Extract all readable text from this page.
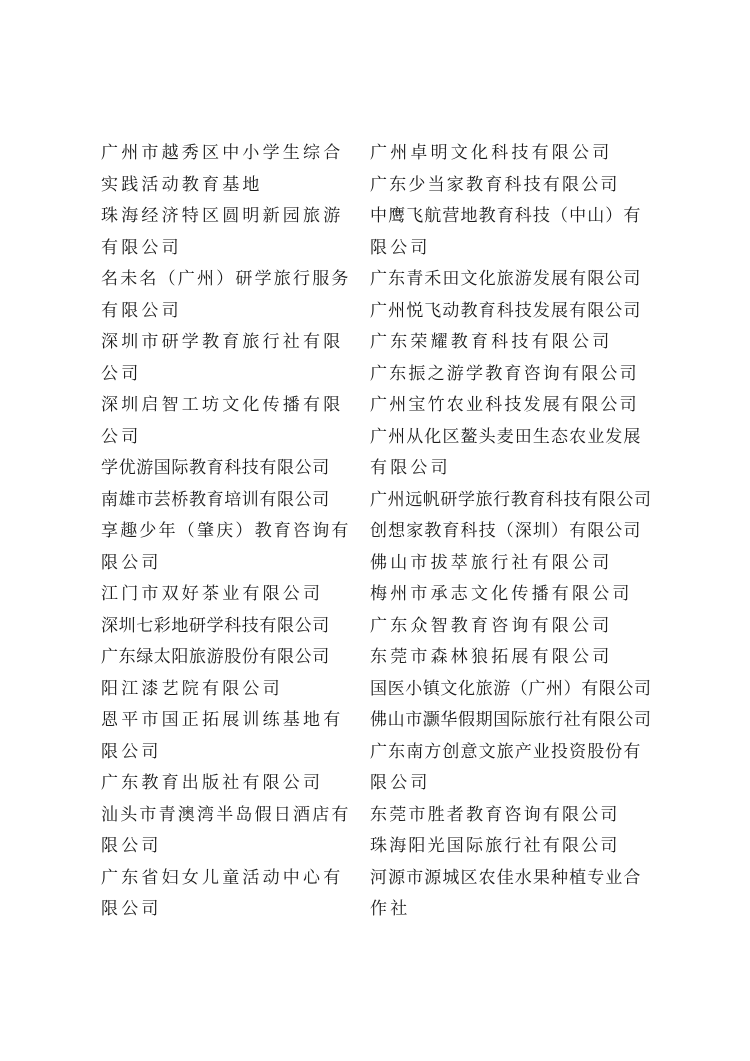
广州市越秀区中小学生综合
实践活动教育基地
珠海经济特区圆明新园旅游
有限公司
名未名（广州）研学旅行服务
有限公司
深圳市研学教育旅行社有限
公司
深圳启智工坊文化传播有限
公司
学优游国际教育科技有限公司
南雄市芸桥教育培训有限公司
享趣少年（肇庆）教育咨询有
限公司
江门市双好茶业有限公司
深圳七彩地研学科技有限公司
广东绿太阳旅游股份有限公司
阳江漆艺院有限公司
恩平市国正拓展训练基地有
限公司
广东教育出版社有限公司
汕头市青澳湾半岛假日酒店有
限公司
广东省妇女儿童活动中心有
限公司
广州卓明文化科技有限公司
广东少当家教育科技有限公司
中鹰飞航营地教育科技（中山）有
限公司
广东青禾田文化旅游发展有限公司
广州悦飞动教育科技发展有限公司
广东荣耀教育科技有限公司
广东振之游学教育咨询有限公司
广州宝竹农业科技发展有限公司
广州从化区鳌头麦田生态农业发展
有限公司
广州远帆研学旅行教育科技有限公司
创想家教育科技（深圳）有限公司
佛山市拔萃旅行社有限公司
梅州市承志文化传播有限公司
广东众智教育咨询有限公司
东莞市森林狼拓展有限公司
国医小镇文化旅游（广州）有限公司
佛山市灏华假期国际旅行社有限公司
广东南方创意文旅产业投资股份有
限公司
东莞市胜者教育咨询有限公司
珠海阳光国际旅行社有限公司
河源市源城区农佳水果种植专业合
作社
